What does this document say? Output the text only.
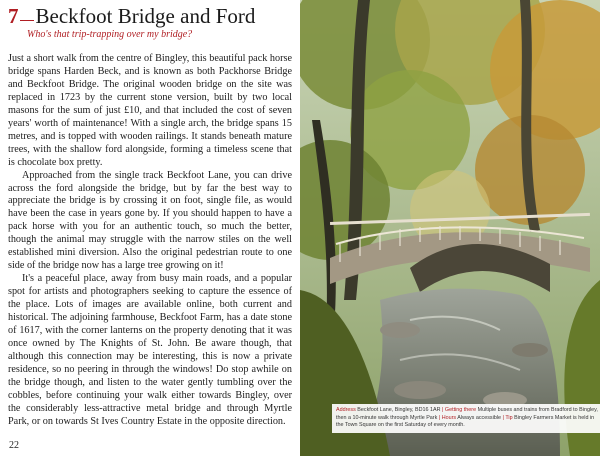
7 Beckfoot Bridge and Ford
Who's that trip-trapping over my bridge?

Just a short walk from the centre of Bingley, this beautiful pack horse bridge spans Harden Beck, and is known as both Packhorse Bridge and Beckfoot Bridge. The original wooden bridge on the site was replaced in 1723 by the current stone version, built by two local masons for the sum of just £10, and that included the cost of seven years' worth of maintenance! With a single arch, the bridge spans 15 metres, and is topped with wooden railings. It stands beneath mature trees, with the shallow ford alongside, forming a timeless scene that is chocolate box pretty.

Approached from the single track Beckfoot Lane, you can drive across the ford alongside the bridge, but by far the best way to appreciate the bridge is by crossing it on foot, single file, as would have been the case in years gone by. If you should happen to have a pack horse with you for an authentic touch, so much the better, though the animal may struggle with the narrow stiles on the well established mini diversion. Also the original pedestrian route to one side of the bridge now has a large tree growing on it!

It's a peaceful place, away from busy main roads, and a popular spot for artists and photographers seeking to capture the essence of the place. Lots of images are available online, both current and historical. The adjoining farmhouse, Beckfoot Farm, has a date stone of 1617, with the corner lanterns on the property denoting that it was once owned by The Knights of St. John. Be aware though, that although this connection may be interesting, this is now a private residence, so no peering in through the windows! Do stop awhile on the bridge though, and listen to the water gently tumbling over the cobbles, before continuing your walk either towards Bingley, over the considerably less-attractive metal bridge and through Myrtle Park, or on towards St Ives Country Estate in the opposite direction.

22
Address Beckfoot Lane, Bingley, BD16 1AR | Getting there Multiple buses and trains from Bradford to Bingley, then a 10-minute walk through Myrtle Park | Hours Always accessible | Tip Bingley Farmers Market is held in the Town Square on the first Saturday of every month.
